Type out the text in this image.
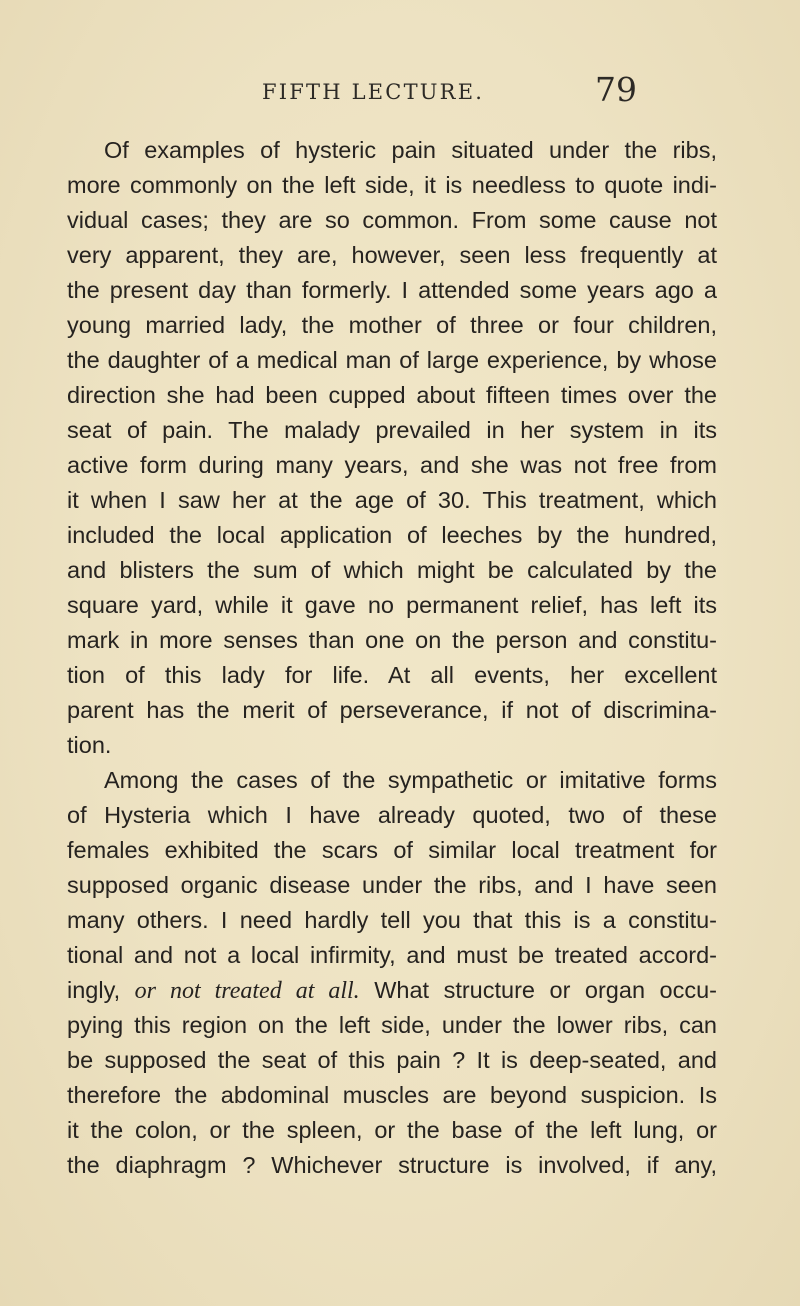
FIFTH LECTURE.	79
Of examples of hysteric pain situated under the ribs,
more commonly on the left side, it is needless to quote indi-
vidual cases; they are so common. From some cause not
very apparent, they are, however, seen less frequently at
the present day than formerly. I attended some years ago a
young married lady, the mother of three or four children,
the daughter of a medical man of large experience, by whose
direction she had been cupped about fifteen times over the
seat of pain. The malady prevailed in her system in its
active form during many years, and she was not free from
it when I saw her at the age of 30. This treatment, which
included the local application of leeches by the hundred,
and blisters the sum of which might be calculated by the
square yard, while it gave no permanent relief, has left its
mark in more senses than one on the person and constitu-
tion of this lady for life. At all events, her excellent
parent has the merit of perseverance, if not of discrimina-
tion.
Among the cases of the sympathetic or imitative forms
of Hysteria which I have already quoted, two of these
females exhibited the scars of similar local treatment for
supposed organic disease under the ribs, and I have seen
many others. I need hardly tell you that this is a constitu-
tional and not a local infirmity, and must be treated accord-
ingly, or not treated at all. What structure or organ occu-
pying this region on the left side, under the lower ribs, can
be supposed the seat of this pain ? It is deep-seated, and
therefore the abdominal muscles are beyond suspicion. Is
it the colon, or the spleen, or the base of the left lung, or
the diaphragm ? Whichever structure is involved, if any,
